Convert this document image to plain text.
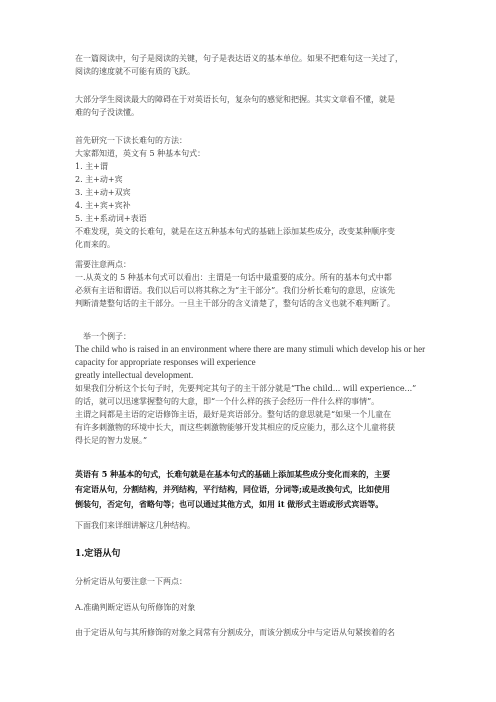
在一篇阅读中，句子是阅读的关键，句子是表达语义的基本单位。如果不把难句这一关过了，
阅读的速度就不可能有质的飞跃。
大部分学生阅读最大的障碍在于对英语长句，复杂句的感觉和把握。其实文章看不懂，就是
难的句子没读懂。
首先研究一下读长难句的方法：
大家都知道，英文有 5 种基本句式：
1. 主+谓
2. 主+动+宾
3. 主+动+双宾
4. 主+宾+宾补
5. 主+系动词+表语
不难发现，英文的长难句，就是在这五种基本句式的基础上添加某些成分，改变某种顺序变
化而来的。
需要注意两点：
一.从英文的 5 种基本句式可以看出：主谓是一句话中最重要的成分。所有的基本句式中都
必须有主语和谓语。我们以后可以将其称之为“主干部分”。我们分析长难句的意思，应该先
判断清楚整句话的主干部分。一旦主干部分的含义清楚了，整句话的含义也就不难判断了。
举一个例子：
The child who is raised in an environment where there are many stimuli which develop his or her
capacity for appropriate responses will experience
greatly intellectual development.
如果我们分析这个长句子时，先要判定其句子的主干部分就是“The child... will experience...”
的话，就可以迅速掌握整句的大意，即“一个什么样的孩子会经历一件什么样的事情”。
主谓之间都是主语的定语修饰主语，最好是宾语部分。整句话的意思就是“如果一个儿童在
有许多刺激物的环境中长大，而这些刺激物能够开发其相应的反应能力，那么这个儿童将获
得长足的智力发展。”
英语有 5 种基本的句式，长难句就是在基本句式的基础上添加某些成分变化而来的，主要
有定语从句，分割结构，并列结构，平行结构，同位语，分词等;或是改换句式，比如使用
倒装句，否定句，省略句等；也可以通过其他方式，如用 it 做形式主语或形式宾语等。
下面我们来详细讲解这几种结构。
1.定语从句
分析定语从句要注意一下两点：
A.准确判断定语从句所修饰的对象
由于定语从句与其所修饰的对象之间常有分割成分，而该分割成分中与定语从句紧挨着的名
